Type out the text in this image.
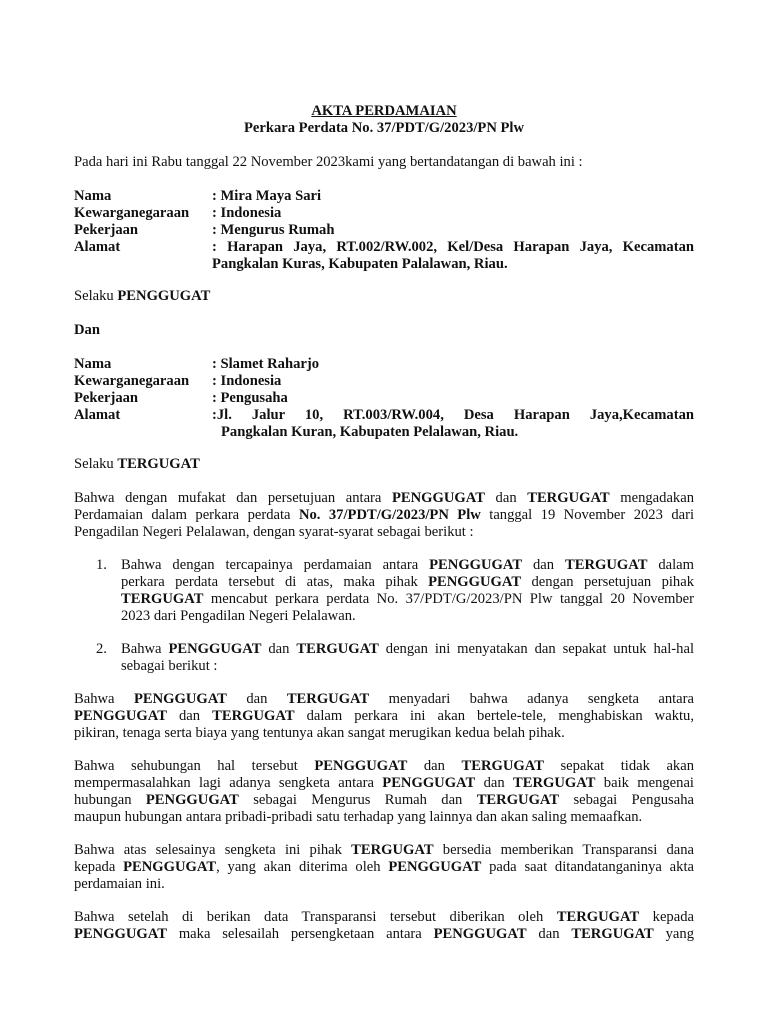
AKTA PERDAMAIAN
Perkara Perdata No. 37/PDT/G/2023/PN Plw
Pada hari ini Rabu tanggal 22 November 2023kami yang bertandatangan di bawah ini :
Nama	: Mira Maya Sari
Kewarganegaraan : Indonesia
Pekerjaan	: Mengurus Rumah
Alamat	:  Harapan  Jaya,  RT.002/RW.002,  Kel/Desa  Harapan  Jaya,  Kecamatan
Pangkalan Kuras, Kabupaten Palalawan, Riau.
Selaku PENGGUGAT
Dan
Nama	: Slamet Raharjo
Kewarganegaraan : Indonesia
Pekerjaan	: Pengusaha
Alamat	:Jl.  Jalur  10,  RT.003/RW.004,  Desa  Harapan  Jaya,Kecamatan
Pangkalan Kuran, Kabupaten Pelalawan, Riau.
Selaku TERGUGAT
Bahwa dengan mufakat dan persetujuan antara PENGGUGAT dan TERGUGAT mengadakan
Perdamaian dalam perkara perdata No. 37/PDT/G/2023/PN Plw tanggal 19 November 2023 dari
Pengadilan Negeri Pelalawan, dengan syarat-syarat sebagai berikut :
1. Bahwa dengan tercapainya perdamaian antara PENGGUGAT dan TERGUGAT dalam
perkara perdata tersebut di atas, maka pihak PENGGUGAT dengan persetujuan pihak
TERGUGAT mencabut perkara perdata No. 37/PDT/G/2023/PN Plw tanggal 20 November
2023 dari Pengadilan Negeri Pelalawan.
2. Bahwa PENGGUGAT dan TERGUGAT dengan ini menyatakan dan sepakat untuk hal-hal
sebagai berikut :
Bahwa PENGGUGAT dan TERGUGAT menyadari bahwa adanya sengketa antara
PENGGUGAT dan TERGUGAT dalam perkara ini akan bertele-tele, menghabiskan waktu,
pikiran, tenaga serta biaya yang tentunya akan sangat merugikan kedua belah pihak.
Bahwa sehubungan hal tersebut PENGGUGAT dan TERGUGAT sepakat tidak akan
mempermasalahkan lagi adanya sengketa antara PENGGUGAT dan TERGUGAT baik mengenai
hubungan PENGGUGAT sebagai Mengurus Rumah dan TERGUGAT sebagai Pengusaha
maupun hubungan antara pribadi-pribadi satu terhadap yang lainnya dan akan saling memaafkan.
Bahwa atas selesainya sengketa ini pihak TERGUGAT bersedia memberikan Transparansi dana
kepada PENGGUGAT, yang akan diterima oleh PENGGUGAT pada saat ditandatanganinya akta
perdamaian ini.
Bahwa setelah di berikan data Transparansi tersebut diberikan oleh TERGUGAT kepada
PENGGUGAT maka selesailah persengketaan antara PENGGUGAT dan TERGUGAT yang
